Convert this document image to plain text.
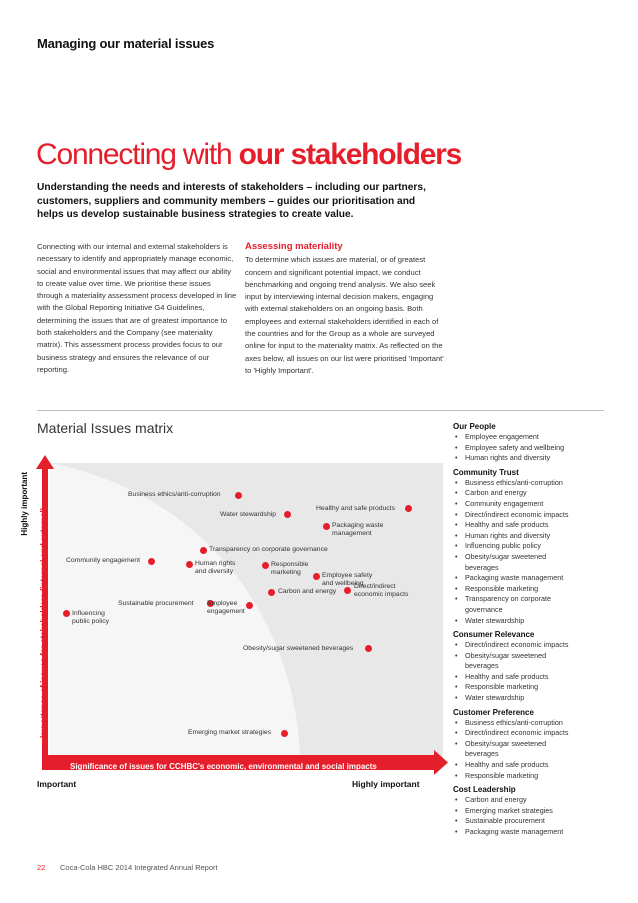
Managing our material issues
Connecting with our stakeholders
Understanding the needs and interests of stakeholders – including our partners, customers, suppliers and community members – guides our prioritisation and helps us develop sustainable business strategies to create value.
Connecting with our internal and external stakeholders is necessary to identify and appropriately manage economic, social and environmental issues that may affect our ability to create value over time. We prioritise these issues through a materiality assessment process developed in line with the Global Reporting Initiative G4 Guidelines, determining the issues that are of greatest importance to both stakeholders and the Company (see materiality matrix). This assessment process provides focus to our business strategy and ensures the relevance of our reporting.
Assessing materiality

To determine which issues are material, or of greatest concern and significant potential impact, we conduct benchmarking and ongoing trend analysis. We also seek input by interviewing internal decision makers, engaging with external stakeholders on an ongoing basis. Both employees and external stakeholders identified in each of the countries and for the Group as a whole are surveyed online for input to the materiality matrix. As reflected on the axes below, all issues on our list were prioritised 'Important' to 'Highly Important'.

Material Issues matrix
Significance of issues for CCHBC's economic, environmental and social impacts
Important	Highly important
Highly important
Importance of issues for stakeholders (internal and external)
Business ethics/anti-corruption
Water stewardship
Healthy and safe products
Packaging waste management
Transparency on corporate governance
Community engagement	Human rights and diversity
Responsible marketing	Employee safety and wellbeing
Sustainable procurement
Carbon and energy
Direct/indirect economic impacts
Influencing public policy
Employee engagement
Obesity/sugar sweetened beverages
Emerging market strategies
Our People
• Employee engagement
• Employee safety and wellbeing
• Human rights and diversity
Community Trust
• Business ethics/anti-corruption
• Carbon and energy
• Community engagement
• Direct/indirect economic impacts
• Healthy and safe products
• Human rights and diversity
• Influencing public policy
• Obesity/sugar sweetened beverages
• Packaging waste management
• Responsible marketing
• Transparency on corporate governance
• Water stewardship
Consumer Relevance
• Direct/indirect economic impacts
• Obesity/sugar sweetened beverages
• Healthy and safe products
• Responsible marketing
• Water stewardship
Customer Preference
• Business ethics/anti-corruption
• Direct/indirect economic impacts
• Obesity/sugar sweetened beverages
• Healthy and safe products
• Responsible marketing
Cost Leadership
• Carbon and energy
• Emerging market strategies
• Sustainable procurement
• Packaging waste management
22 Coca-Cola HBC 2014 Integrated Annual Report
